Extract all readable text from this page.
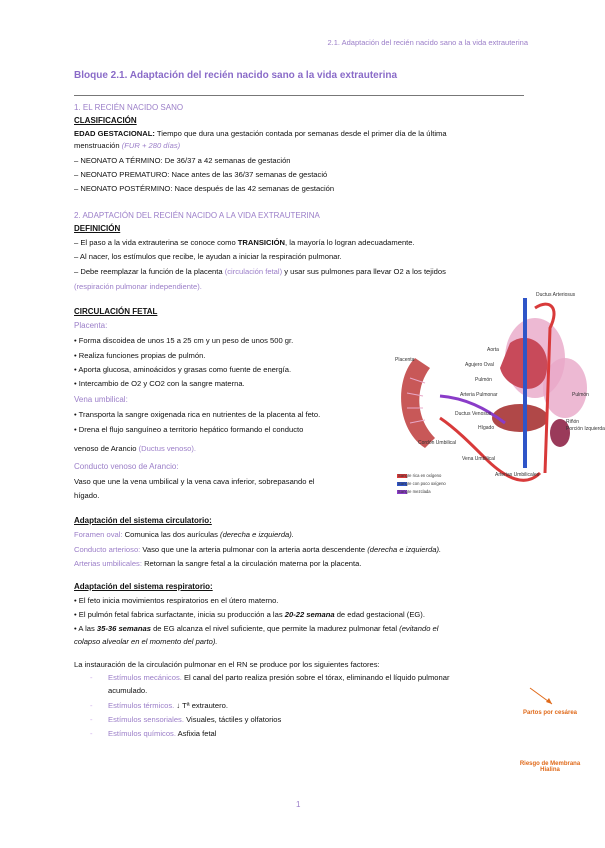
2.1. Adaptación del recién nacido sano a la vida extrauterina
Bloque 2.1. Adaptación del recién nacido sano a la vida extrauterina
1. EL RECIÉN NACIDO SANO
CLASIFICACIÓN
EDAD GESTACIONAL: Tiempo que dura una gestación contada por semanas desde el primer día de la última
menstruación (FUR + 280 días)
– NEONATO A TÉRMINO: De 36/37 a 42 semanas de gestación
– NEONATO PREMATURO: Nace antes de las 36/37 semanas de gestació
– NEONATO POSTÉRMINO: Nace después de las 42 semanas de gestación
2. ADAPTACIÓN DEL RECIÉN NACIDO A LA VIDA EXTRAUTERINA
DEFINICIÓN
– El paso a la vida extrauterina se conoce como TRANSICIÓN, la mayoría lo logran adecuadamente.
– Al nacer, los estímulos que recibe, le ayudan a iniciar la respiración pulmonar.
– Debe reemplazar la función de la placenta (circulación fetal) y usar sus pulmones para llevar O2 a los tejidos
(respiración pulmonar independiente).
CIRCULACIÓN FETAL
Placenta:
• Forma discoidea de unos 15 a 25 cm y un peso de unos 500 gr.
• Realiza funciones propias de pulmón.
• Aporta glucosa, aminoácidos y grasas como fuente de energía.
• Intercambio de O2 y CO2 con la sangre materna.
Vena umbilical:
• Transporta la sangre oxigenada rica en nutrientes de la placenta al feto.
• Drena el flujo sanguíneo a territorio hepático formando el conducto
venoso de Arancio (Ductus venoso).
Conducto venoso de Arancio:
Vaso que une la vena umbilical y la vena cava inferior, sobrepasando el
hígado.
Adaptación del sistema circulatorio:
Foramen oval: Comunica las dos aurículas (derecha e izquierda).
Conducto arterioso: Vaso que une la arteria pulmonar con la arteria aorta descendente (derecha e izquierda).
Arterias umbilicales: Retornan la sangre fetal a la circulación materna por la placenta.
Adaptación del sistema respiratorio:
• El feto inicia movimientos respiratorios en el útero materno.
• El pulmón fetal fabrica surfactante, inicia su producción a las 20-22 semana de edad gestacional (EG).
• A las 35-36 semanas de EG alcanza el nivel suficiente, que permite la madurez pulmonar fetal (evitando el
colapso alveolar en el momento del parto).
La instauración de la circulación pulmonar en el RN se produce por los siguientes factores:
- Estímulos mecánicos. El canal del parto realiza presión sobre el tórax, eliminando el líquido pulmonar
acumulado.
- Estímulos térmicos. ↓ Tª extrautero.
- Estímulos sensoriales. Visuales, táctiles y olfatorios
- Estímulos químicos. Asfixia fetal
Partos por cesárea
Riesgo de Membrana Hialina
Ductus Arteriosus
Aorta
Placenta
Agujero Oval
Pulmón
Arteria Pulmonar
Ductus Venosus
Hígado
Pulmón
Riñón
Porción Izquierda
Cordón Umbilical
Vena Umbilical
Arterias Umbilicales
Sangre rica en oxígeno
Sangre con poco oxígeno
Sangre mezclada
1
